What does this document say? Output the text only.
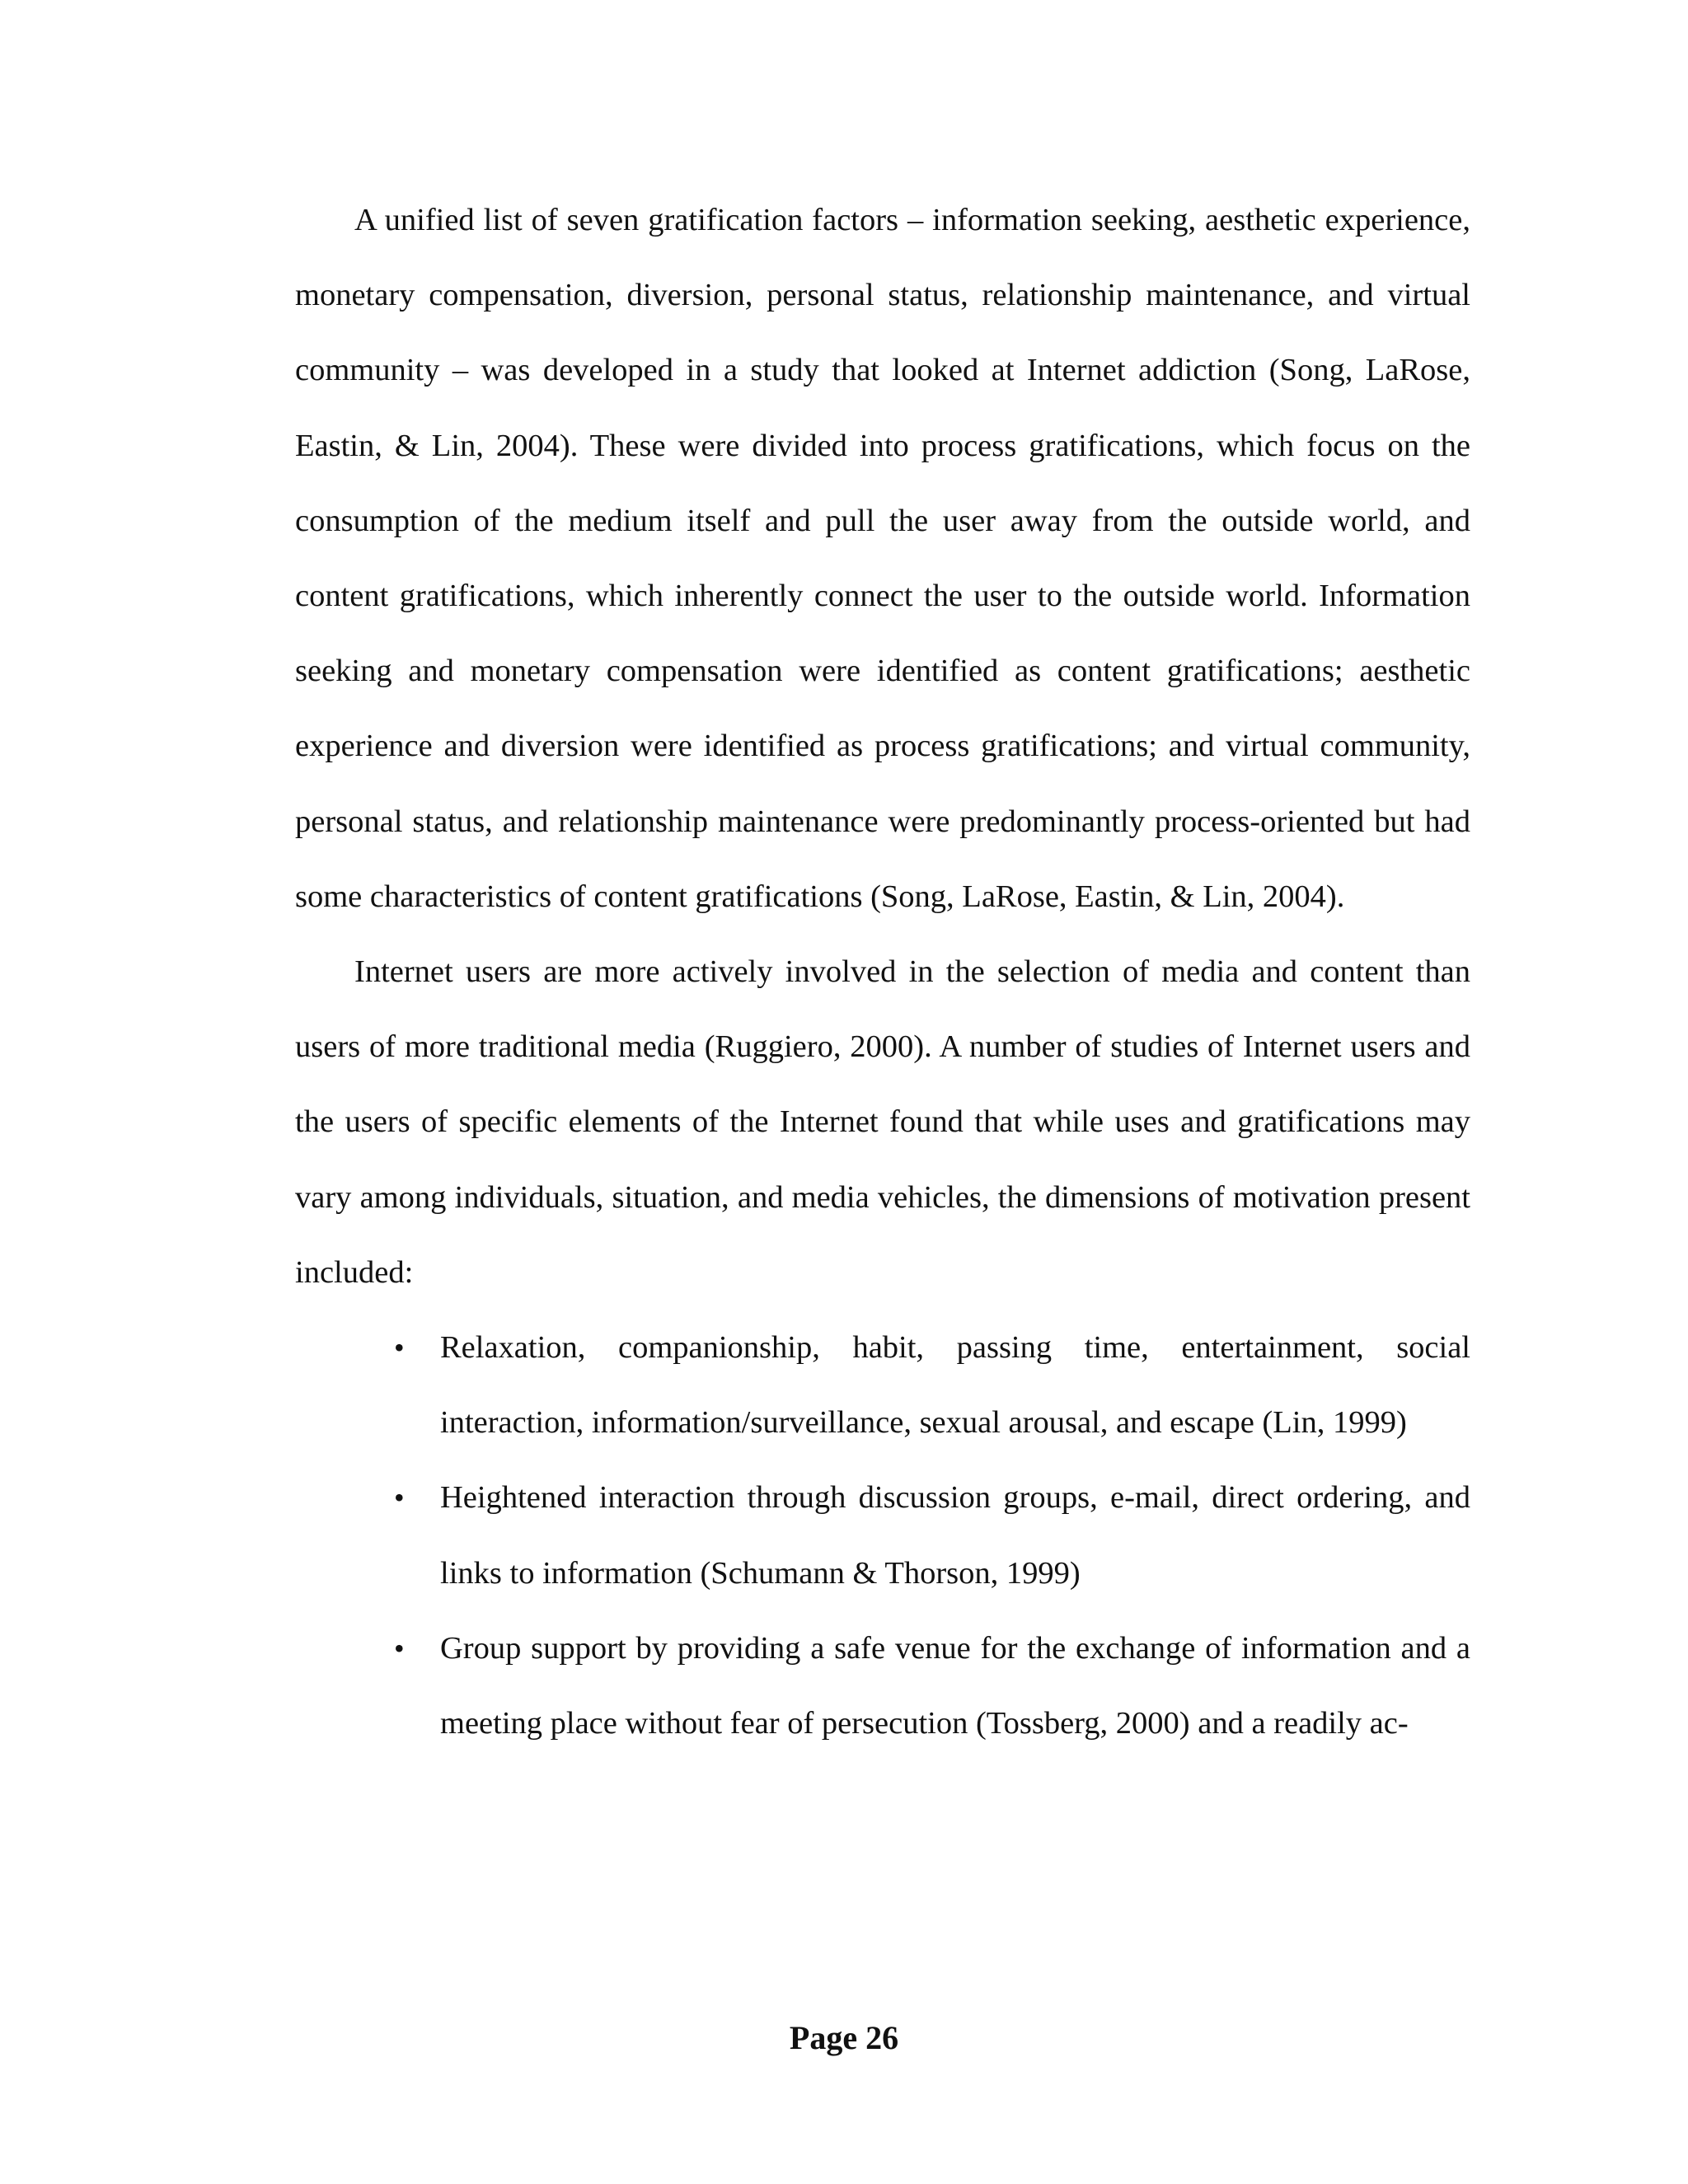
A unified list of seven gratification factors – information seeking, aesthetic experience, monetary compensation, diversion, personal status, relationship maintenance, and virtual community – was developed in a study that looked at Internet addiction (Song, LaRose, Eastin, & Lin, 2004). These were divided into process gratifications, which focus on the consumption of the medium itself and pull the user away from the outside world, and content gratifications, which inherently connect the user to the outside world. Information seeking and monetary compensation were identified as content gratifications; aesthetic experience and diversion were identified as process gratifications; and virtual community, personal status, and relationship maintenance were predominantly process-oriented but had some characteristics of content gratifications (Song, LaRose, Eastin, & Lin, 2004).

Internet users are more actively involved in the selection of media and content than users of more traditional media (Ruggiero, 2000). A number of studies of Internet users and the users of specific elements of the Internet found that while uses and gratifications may vary among individuals, situation, and media vehicles, the dimensions of motivation present included:

• Relaxation, companionship, habit, passing time, entertainment, social interaction, information/surveillance, sexual arousal, and escape (Lin, 1999)
• Heightened interaction through discussion groups, e-mail, direct ordering, and links to information (Schumann & Thorson, 1999)
• Group support by providing a safe venue for the exchange of information and a meeting place without fear of persecution (Tossberg, 2000) and a readily ac-
Page 26
